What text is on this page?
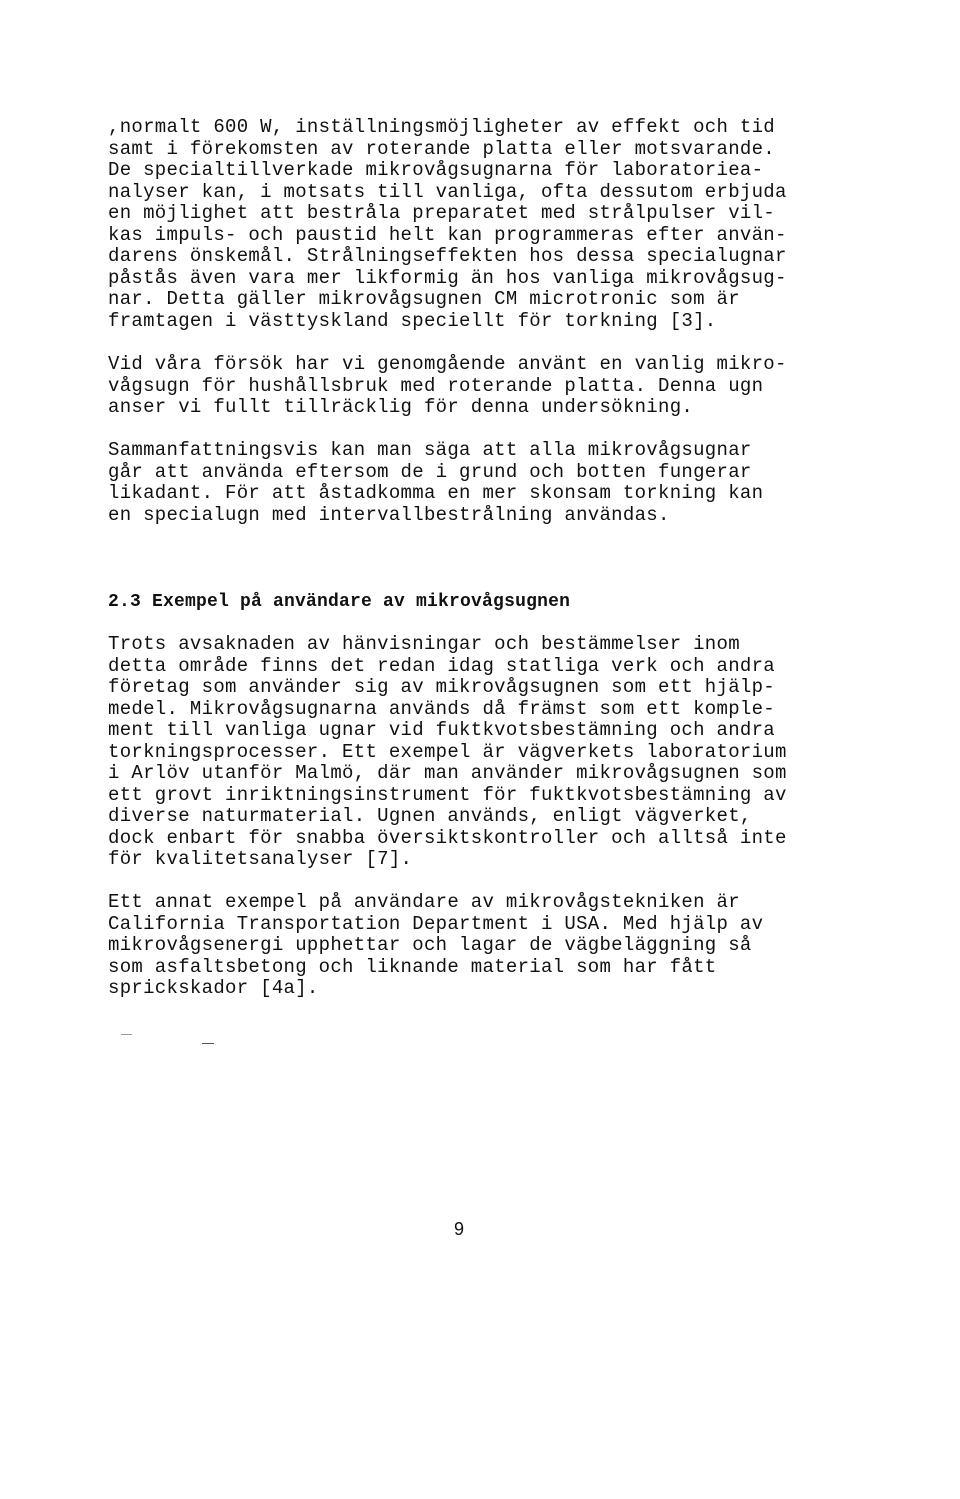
,normalt 600 W, inställningsmöjligheter av effekt och tid
samt i förekomsten av roterande platta eller motsvarande.
De specialtillverkade mikrovågsugnarna för laboratoriea-
nalyser kan, i motsats till vanliga, ofta dessutom erbjuda
en möjlighet att bestråla preparatet med strålpulser vil-
kas impuls- och paustid helt kan programmeras efter använ-
darens önskemål. Strålningseffekten hos dessa specialugnar
påstås även vara mer likformig än hos vanliga mikrovågsug-
nar. Detta gäller mikrovågsugnen CM microtronic som är
framtagen i västtyskland speciellt för torkning [3].
Vid våra försök har vi genomgående använt en vanlig mikro-
vågsugn för hushållsbruk med roterande platta. Denna ugn
anser vi fullt tillräcklig för denna undersökning.
Sammanfattningsvis kan man säga att alla mikrovågsugnar
går att använda eftersom de i grund och botten fungerar
likadant. För att åstadkomma en mer skonsam torkning kan
en specialugn med intervallbestrålning användas.
2.3 Exempel på användare av mikrovågsugnen
Trots avsaknaden av hänvisningar och bestämmelser inom
detta område finns det redan idag statliga verk och andra
företag som använder sig av mikrovågsugnen som ett hjälp-
medel. Mikrovågsugnarna används då främst som ett komple-
ment till vanliga ugnar vid fuktkvotsbestämning och andra
torkningsprocesser. Ett exempel är vägverkets laboratorium
i Arlöv utanför Malmö, där man använder mikrovågsugnen som
ett grovt inriktningsinstrument för fuktkvotsbestämning av
diverse naturmaterial. Ugnen används, enligt vägverket,
dock enbart för snabba översiktskontroller och alltså inte
för kvalitetsanalyser [7].
Ett annat exempel på användare av mikrovågstekniken är
California Transportation Department i USA. Med hjälp av
mikrovågsenergi upphettar och lagar de vägbeläggning så
som asfaltsbetong och liknande material som har fått
sprickskador [4a].
9
